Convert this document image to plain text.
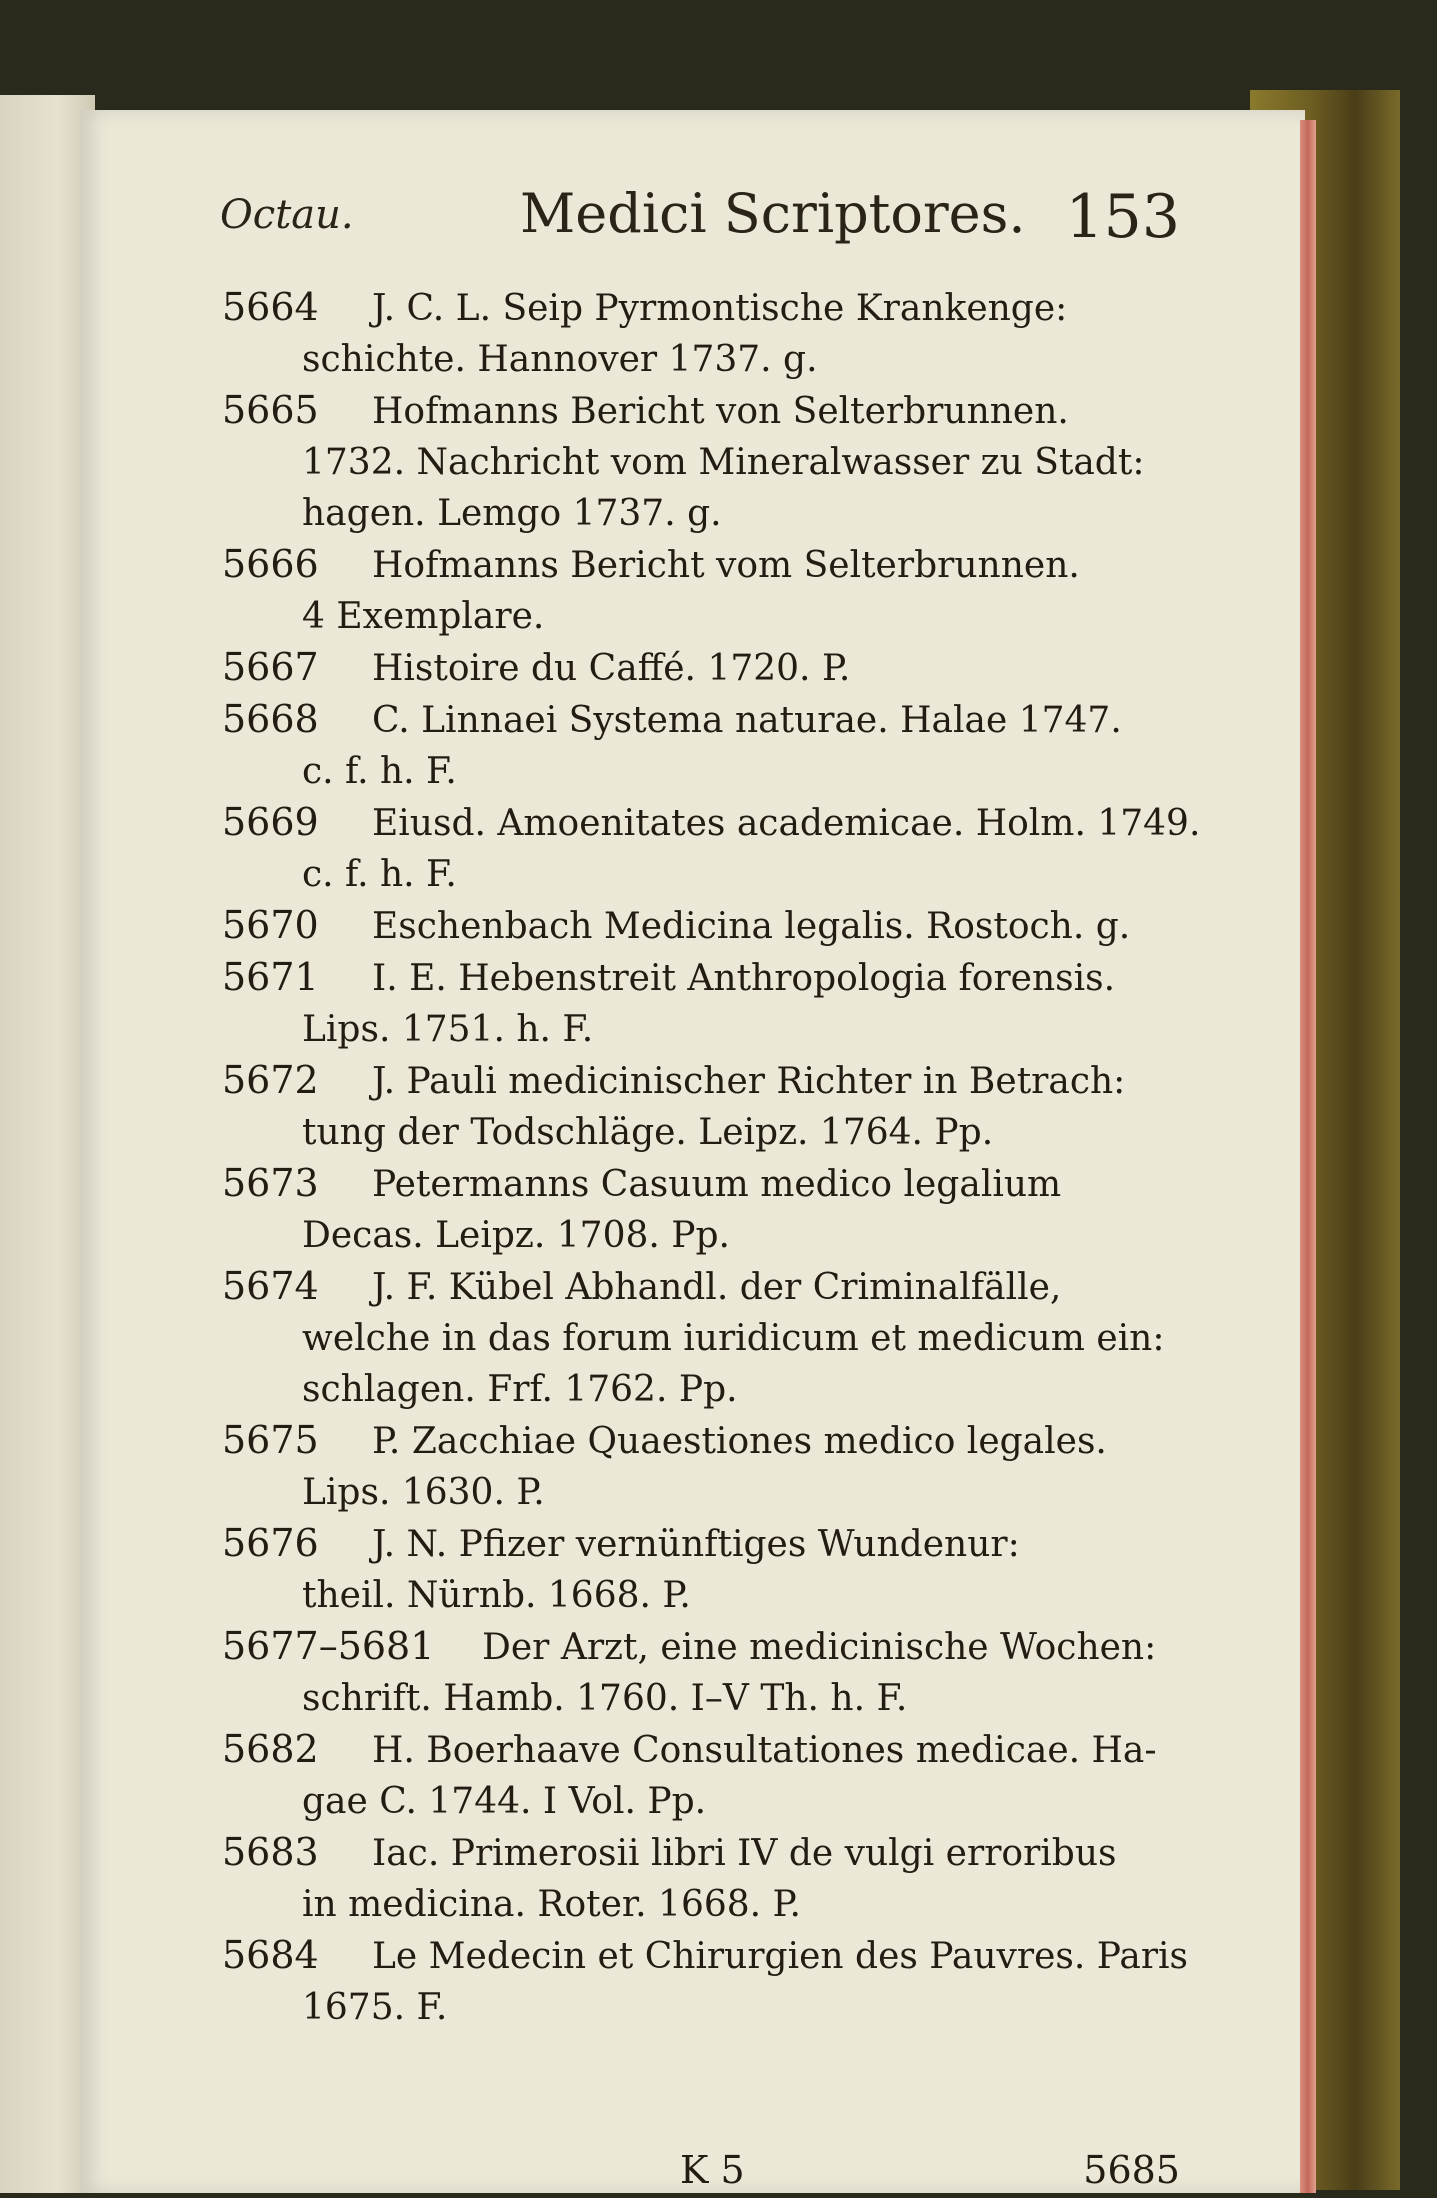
Octau.	Medici Scriptores. 153
5664 J. C. L. Seip Pyrmontische Krankenge:
schichte. Hannover 1737. g.
5665 Hofmanns Bericht von Selterbrunnen.
1732. Nachricht vom Mineralwasser zu Stadt:
hagen. Lemgo 1737. g.
5666 Hofmanns Bericht vom Selterbrunnen.
4 Exemplare.
5667 Histoire du Caffé. 1720. P.
5668 C. Linnaei Systema naturae. Halae 1747.
c. f. h. F.
5669 Eiusd. Amoenitates academicae. Holm. 1749.
c. f. h. F.
5670 Eschenbach Medicina legalis. Rostoch. g.
5671 I. E. Hebenstreit Anthropologia forensis.
Lips. 1751. h. F.
5672 J. Pauli medicinischer Richter in Betrach:
tung der Todschläge. Leipz. 1764. Pp.
5673 Petermanns Casuum medico legalium
Decas. Leipz. 1708. Pp.
5674 J. F. Kübel Abhandl. der Criminalfälle,
welche in das forum iuridicum et medicum ein:
schlagen. Frf. 1762. Pp.
5675 P. Zacchiae Quaestiones medico legales.
Lips. 1630. P.
5676 J. N. Pfizer vernünftiges Wundenur:
theil. Nürnb. 1668. P.
5677–5681 Der Arzt, eine medicinische Wochen:
schrift. Hamb. 1760. I–V Th. h. F.
5682 H. Boerhaave Consultationes medicae. Ha-
gae C. 1744. I Vol. Pp.
5683 Iac. Primerosii libri IV de vulgi erroribus
in medicina. Roter. 1668. P.
5684 Le Medecin et Chirurgien des Pauvres. Paris
1675. F.
K 5	5685
